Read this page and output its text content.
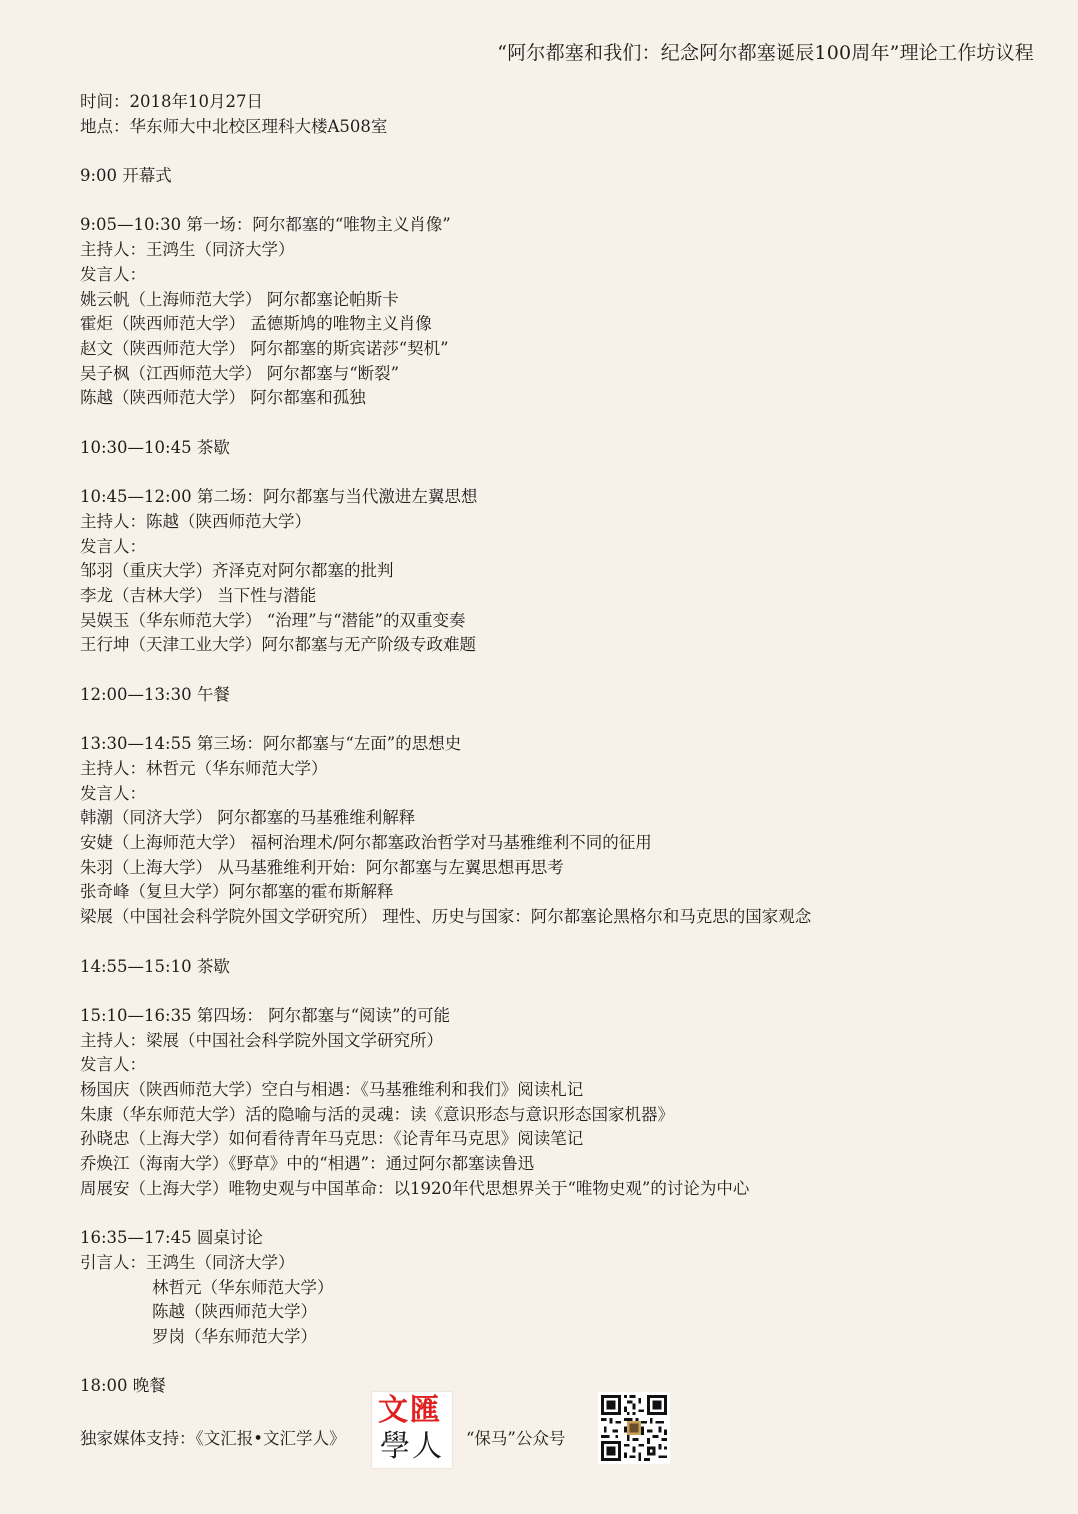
“阿尔都塞和我们：纪念阿尔都塞诞辰100周年”理论工作坊议程
时间：2018年10月27日
地点：华东师大中北校区理科大楼A508室
9:00 开幕式
9:05—10:30 第一场：阿尔都塞的“唯物主义肖像”
主持人：王鸿生（同济大学）
发言人：
姚云帆（上海师范大学） 阿尔都塞论帕斯卡
霍炬（陕西师范大学） 孟德斯鸠的唯物主义肖像
赵文（陕西师范大学） 阿尔都塞的斯宾诺莎“契机”
吴子枫（江西师范大学） 阿尔都塞与“断裂”
陈越（陕西师范大学） 阿尔都塞和孤独
10:30—10:45 茶歇
10:45—12:00 第二场：阿尔都塞与当代激进左翼思想
主持人：陈越（陕西师范大学）
发言人：
邹羽（重庆大学）齐泽克对阿尔都塞的批判
李龙（吉林大学） 当下性与潜能
吴娱玉（华东师范大学） “治理”与“潜能”的双重变奏
王行坤（天津工业大学）阿尔都塞与无产阶级专政难题
12:00—13:30 午餐
13:30—14:55 第三场：阿尔都塞与“左面”的思想史
主持人：林哲元（华东师范大学）
发言人：
韩潮（同济大学） 阿尔都塞的马基雅维利解释
安婕（上海师范大学） 福柯治理术/阿尔都塞政治哲学对马基雅维利不同的征用
朱羽（上海大学） 从马基雅维利开始：阿尔都塞与左翼思想再思考
张奇峰（复旦大学）阿尔都塞的霍布斯解释
梁展（中国社会科学院外国文学研究所） 理性、历史与国家：阿尔都塞论黑格尔和马克思的国家观念
14:55—15:10 茶歇
15:10—16:35 第四场： 阿尔都塞与“阅读”的可能
主持人：梁展（中国社会科学院外国文学研究所）
发言人：
杨国庆（陕西师范大学）空白与相遇：《马基雅维利和我们》阅读札记
朱康（华东师范大学）活的隐喻与活的灵魂：读《意识形态与意识形态国家机器》
孙晓忠（上海大学）如何看待青年马克思：《论青年马克思》阅读笔记
乔焕江（海南大学）《野草》中的“相遇”：通过阿尔都塞读鲁迅
周展安（上海大学）唯物史观与中国革命：以1920年代思想界关于“唯物史观”的讨论为中心
16:35—17:45 圆桌讨论
引言人：王鸿生（同济大学）
林哲元（华东师范大学）
陈越（陕西师范大学）
罗岗（华东师范大学）
18:00 晚餐
独家媒体支持：《文汇报•文汇学人》
文匯
學人 “保马”公众号
